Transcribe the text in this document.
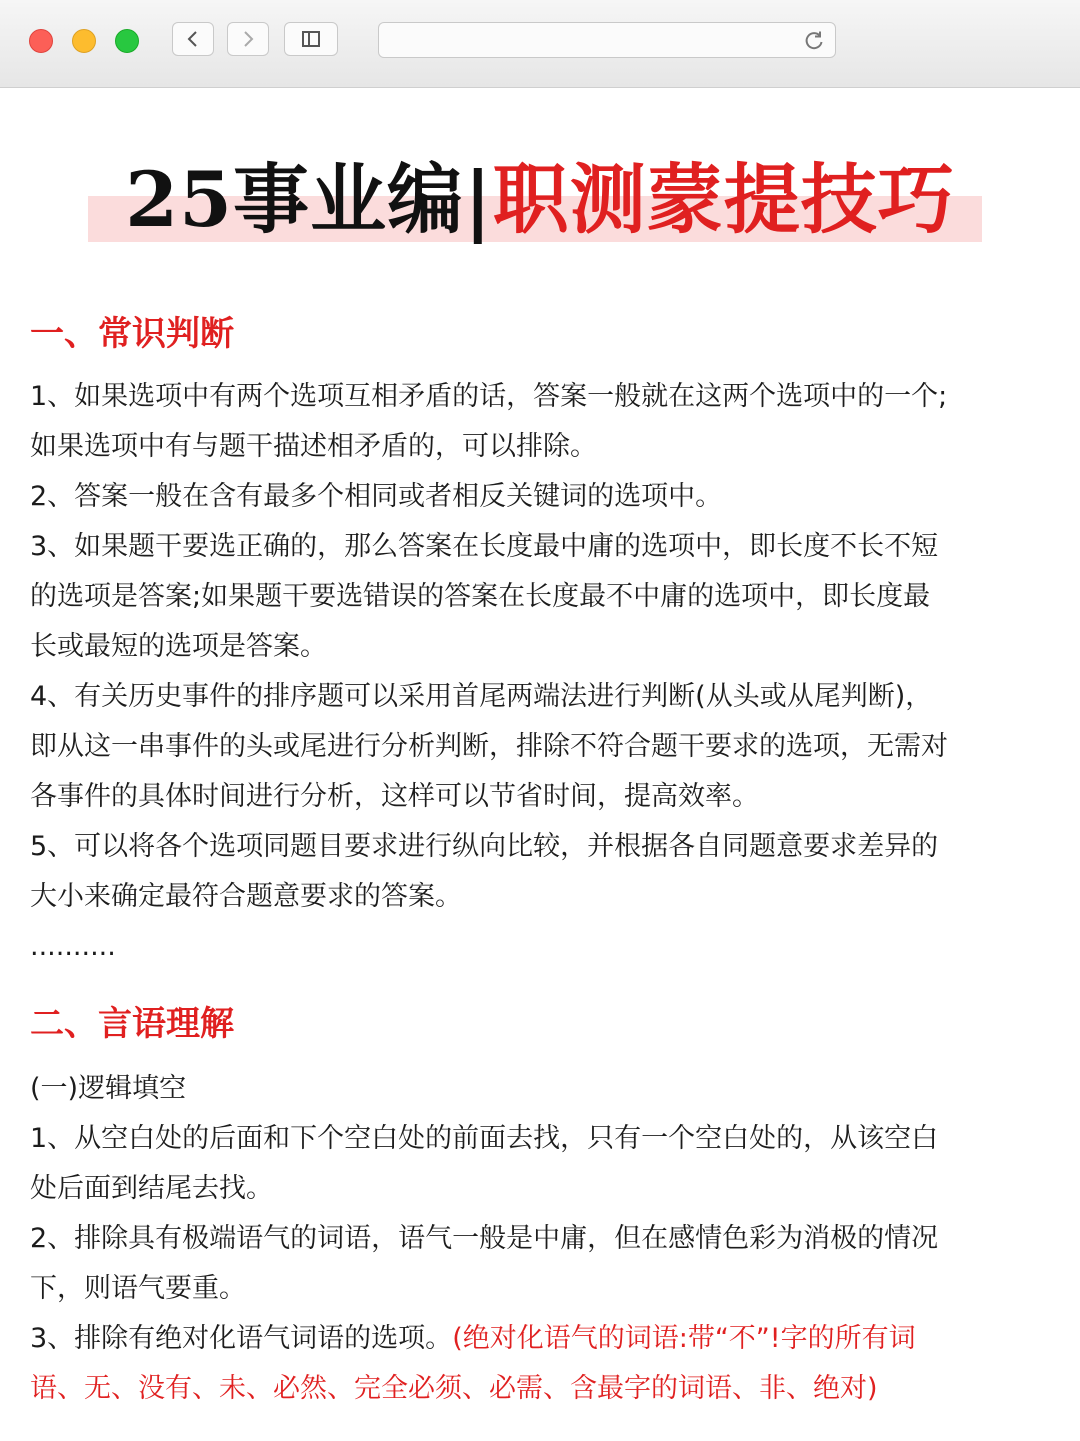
25事业编|职测蒙提技巧
一、常识判断
1、如果选项中有两个选项互相矛盾的话，答案一般就在这两个选项中的一个;
如果选项中有与题干描述相矛盾的，可以排除。
2、答案一般在含有最多个相同或者相反关键词的选项中。
3、如果题干要选正确的，那么答案在长度最中庸的选项中，即长度不长不短
的选项是答案;如果题干要选错误的答案在长度最不中庸的选项中，即长度最
长或最短的选项是答案。
4、有关历史事件的排序题可以采用首尾两端法进行判断(从头或从尾判断)，
即从这一串事件的头或尾进行分析判断，排除不符合题干要求的选项，无需对
各事件的具体时间进行分析，这样可以节省时间，提高效率。
5、可以将各个选项同题目要求进行纵向比较，并根据各自同题意要求差异的
大小来确定最符合题意要求的答案。
..........
二、言语理解
(一)逻辑填空
1、从空白处的后面和下个空白处的前面去找，只有一个空白处的，从该空白
处后面到结尾去找。
2、排除具有极端语气的词语，语气一般是中庸，但在感情色彩为消极的情况
下，则语气要重。
3、排除有绝对化语气词语的选项。(绝对化语气的词语:带“不”!字的所有词
语、无、没有、未、必然、完全必须、必需、含最字的词语、非、绝对)
